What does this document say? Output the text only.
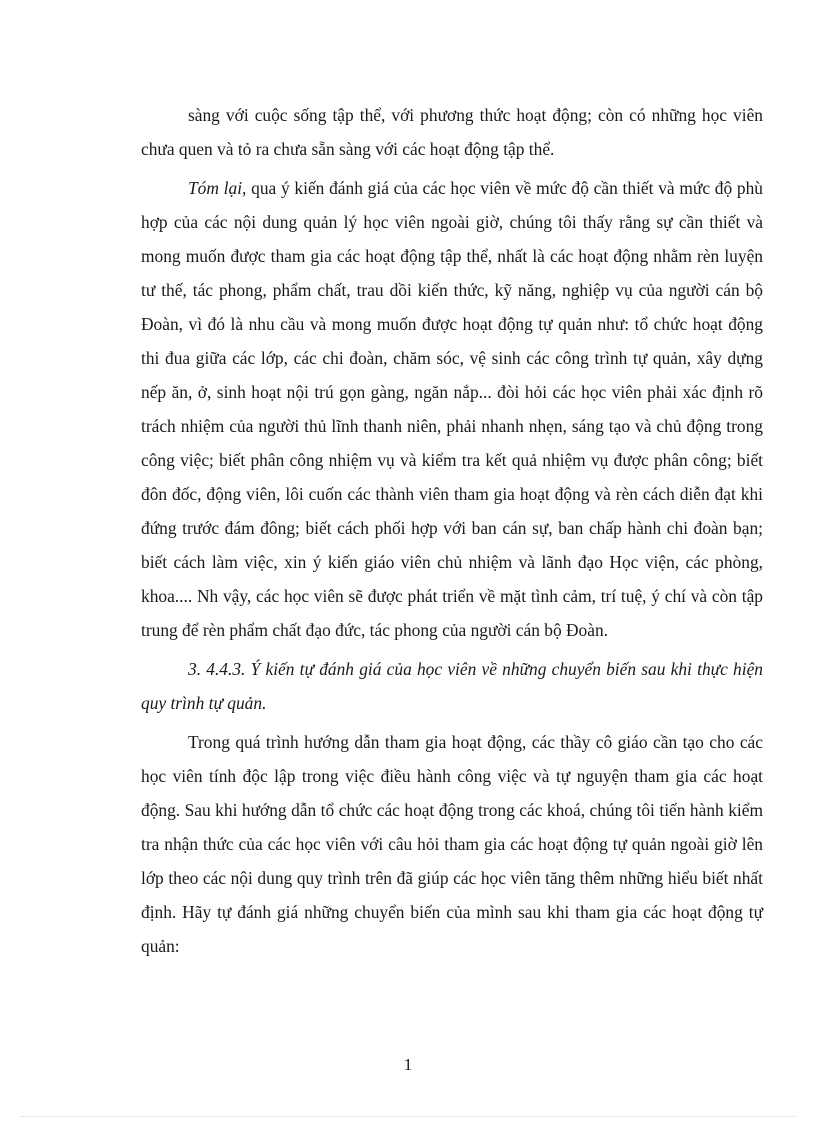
sàng với cuộc sống tập thể, với phương thức hoạt động; còn có những học viên chưa quen và tỏ ra chưa sẵn sàng với các hoạt động tập thể.

Tóm lại, qua ý kiến đánh giá của các học viên về mức độ cần thiết và mức độ phù hợp của các nội dung quản lý học viên ngoài giờ, chúng tôi thấy rằng sự cần thiết và mong muốn được tham gia các hoạt động tập thể, nhất là các hoạt động nhằm rèn luyện tư thế, tác phong, phẩm chất, trau dồi kiến thức, kỹ năng, nghiệp vụ của người cán bộ Đoàn, vì đó là nhu cầu và mong muốn được hoạt động tự quản như: tổ chức hoạt động thi đua giữa các lớp, các chi đoàn, chăm sóc, vệ sinh các công trình tự quản, xây dựng nếp ăn, ở, sinh hoạt nội trú gọn gàng, ngăn nắp... đòi hỏi các học viên phải xác định rõ trách nhiệm của người thủ lĩnh thanh niên, phải nhanh nhẹn, sáng tạo và chủ động trong công việc; biết phân công nhiệm vụ và kiểm tra kết quả nhiệm vụ được phân công; biết đôn đốc, động viên, lôi cuốn các thành viên tham gia hoạt động và rèn cách diễn đạt khi đứng trước đám đông; biết cách phối hợp với ban cán sự, ban chấp hành chi đoàn bạn; biết cách làm việc, xin ý kiến giáo viên chủ nhiệm và lãnh đạo Học viện, các phòng, khoa.... Nh vậy, các học viên sẽ được phát triển về mặt tình cảm, trí tuệ, ý chí và còn tập trung để rèn phẩm chất đạo đức, tác phong của người cán bộ Đoàn.

3. 4.4.3. Ý kiến tự đánh giá của học viên về những chuyển biến sau khi thực hiện quy trình tự quản.

Trong quá trình hướng dẫn tham gia hoạt động, các thầy cô giáo cần tạo cho các học viên tính độc lập trong việc điều hành công việc và tự nguyện tham gia các hoạt động. Sau khi hướng dẫn tổ chức các hoạt động trong các khoá, chúng tôi tiến hành kiểm tra nhận thức của các học viên với câu hỏi tham gia các hoạt động tự quản ngoài giờ lên lớp theo các nội dung quy trình trên đã giúp các học viên tăng thêm những hiểu biết nhất định. Hãy tự đánh giá những chuyển biến của mình sau khi tham gia các hoạt động tự quản:

1
